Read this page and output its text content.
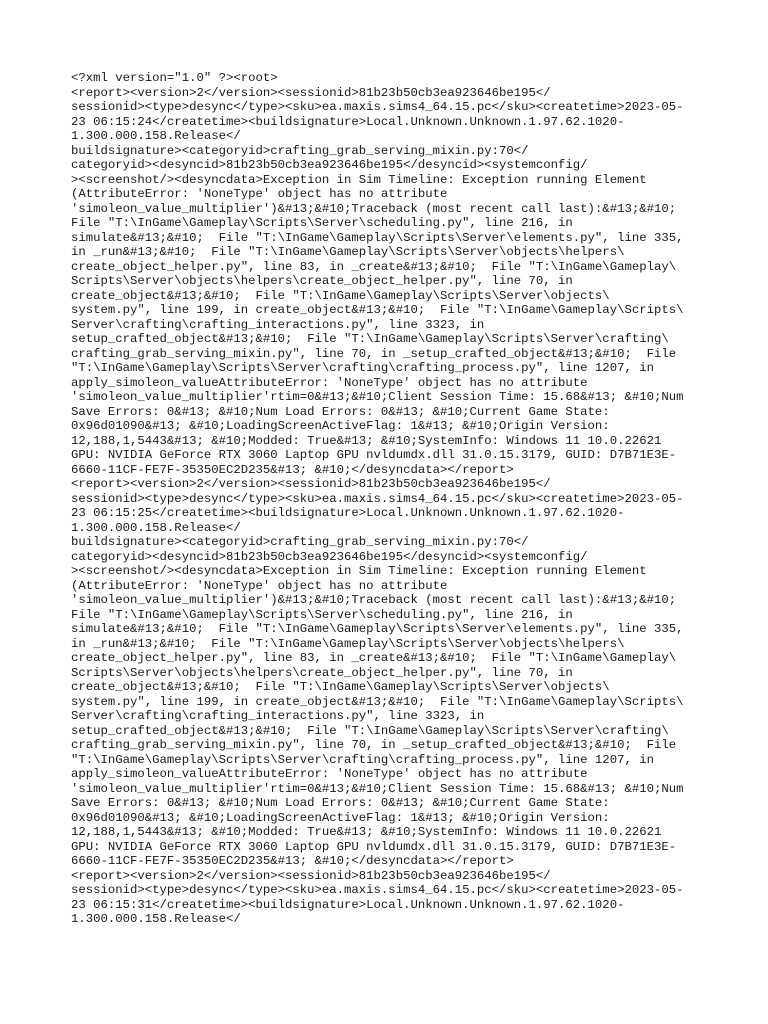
<?xml version="1.0" ?><root>
<report><version>2</version><sessionid>81b23b50cb3ea923646be195</
sessionid><type>desync</type><sku>ea.maxis.sims4_64.15.pc</sku><createtime>2023-05-
23 06:15:24</createtime><buildsignature>Local.Unknown.Unknown.1.97.62.1020-
1.300.000.158.Release</
buildsignature><categoryid>crafting_grab_serving_mixin.py:70</
categoryid><desyncid>81b23b50cb3ea923646be195</desyncid><systemconfig/
><screenshot/><desyncdata>Exception in Sim Timeline: Exception running Element
(AttributeError: 'NoneType' object has no attribute
'simoleon_value_multiplier')&#13;&#10;Traceback (most recent call last):&#13;&#10;
File "T:\InGame\Gameplay\Scripts\Server\scheduling.py", line 216, in
simulate&#13;&#10;  File "T:\InGame\Gameplay\Scripts\Server\elements.py", line 335,
in _run&#13;&#10;  File "T:\InGame\Gameplay\Scripts\Server\objects\helpers\
create_object_helper.py", line 83, in _create&#13;&#10;  File "T:\InGame\Gameplay\
Scripts\Server\objects\helpers\create_object_helper.py", line 70, in
create_object&#13;&#10;  File "T:\InGame\Gameplay\Scripts\Server\objects\
system.py", line 199, in create_object&#13;&#10;  File "T:\InGame\Gameplay\Scripts\
Server\crafting\crafting_interactions.py", line 3323, in
setup_crafted_object&#13;&#10;  File "T:\InGame\Gameplay\Scripts\Server\crafting\
crafting_grab_serving_mixin.py", line 70, in _setup_crafted_object&#13;&#10;  File
"T:\InGame\Gameplay\Scripts\Server\crafting\crafting_process.py", line 1207, in
apply_simoleon_valueAttributeError: 'NoneType' object has no attribute
'simoleon_value_multiplier'rtim=0&#13;&#10;Client Session Time: 15.68&#13; &#10;Num
Save Errors: 0&#13; &#10;Num Load Errors: 0&#13; &#10;Current Game State:
0x96d01090&#13; &#10;LoadingScreenActiveFlag: 1&#13; &#10;Origin Version:
12,188,1,5443&#13; &#10;Modded: True&#13; &#10;SystemInfo: Windows 11 10.0.22621
GPU: NVIDIA GeForce RTX 3060 Laptop GPU nvldumdx.dll 31.0.15.3179, GUID: D7B71E3E-
6660-11CF-FE7F-35350EC2D235&#13; &#10;</desyncdata></report>
<report><version>2</version><sessionid>81b23b50cb3ea923646be195</
sessionid><type>desync</type><sku>ea.maxis.sims4_64.15.pc</sku><createtime>2023-05-
23 06:15:25</createtime><buildsignature>Local.Unknown.Unknown.1.97.62.1020-
1.300.000.158.Release</
buildsignature><categoryid>crafting_grab_serving_mixin.py:70</
categoryid><desyncid>81b23b50cb3ea923646be195</desyncid><systemconfig/
><screenshot/><desyncdata>Exception in Sim Timeline: Exception running Element
(AttributeError: 'NoneType' object has no attribute
'simoleon_value_multiplier')&#13;&#10;Traceback (most recent call last):&#13;&#10;
File "T:\InGame\Gameplay\Scripts\Server\scheduling.py", line 216, in
simulate&#13;&#10;  File "T:\InGame\Gameplay\Scripts\Server\elements.py", line 335,
in _run&#13;&#10;  File "T:\InGame\Gameplay\Scripts\Server\objects\helpers\
create_object_helper.py", line 83, in _create&#13;&#10;  File "T:\InGame\Gameplay\
Scripts\Server\objects\helpers\create_object_helper.py", line 70, in
create_object&#13;&#10;  File "T:\InGame\Gameplay\Scripts\Server\objects\
system.py", line 199, in create_object&#13;&#10;  File "T:\InGame\Gameplay\Scripts\
Server\crafting\crafting_interactions.py", line 3323, in
setup_crafted_object&#13;&#10;  File "T:\InGame\Gameplay\Scripts\Server\crafting\
crafting_grab_serving_mixin.py", line 70, in _setup_crafted_object&#13;&#10;  File
"T:\InGame\Gameplay\Scripts\Server\crafting\crafting_process.py", line 1207, in
apply_simoleon_valueAttributeError: 'NoneType' object has no attribute
'simoleon_value_multiplier'rtim=0&#13;&#10;Client Session Time: 15.68&#13; &#10;Num
Save Errors: 0&#13; &#10;Num Load Errors: 0&#13; &#10;Current Game State:
0x96d01090&#13; &#10;LoadingScreenActiveFlag: 1&#13; &#10;Origin Version:
12,188,1,5443&#13; &#10;Modded: True&#13; &#10;SystemInfo: Windows 11 10.0.22621
GPU: NVIDIA GeForce RTX 3060 Laptop GPU nvldumdx.dll 31.0.15.3179, GUID: D7B71E3E-
6660-11CF-FE7F-35350EC2D235&#13; &#10;</desyncdata></report>
<report><version>2</version><sessionid>81b23b50cb3ea923646be195</
sessionid><type>desync</type><sku>ea.maxis.sims4_64.15.pc</sku><createtime>2023-05-
23 06:15:31</createtime><buildsignature>Local.Unknown.Unknown.1.97.62.1020-
1.300.000.158.Release</
